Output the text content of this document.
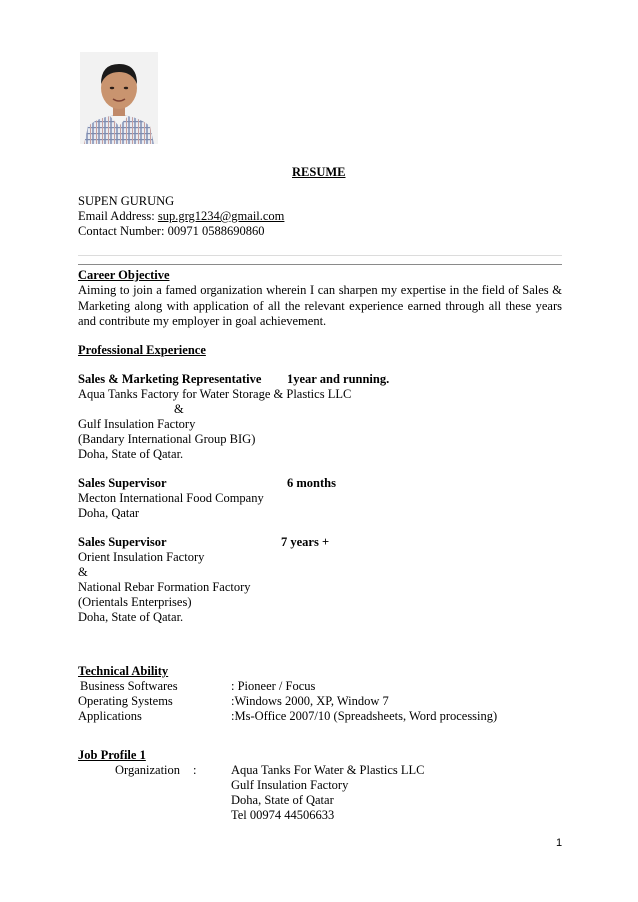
RESUME
SUPEN GURUNG
Email Address: sup.grg1234@gmail.com
Contact Number: 00971 0588690860
Career Objective
Aiming to join a famed organization wherein I can sharpen my expertise in the field of Sales & Marketing along with application of all the relevant experience earned through all these years and contribute my employer in goal achievement.
Professional Experience
Sales & Marketing Representative 1year and running.
Aqua Tanks Factory for Water Storage & Plastics LLC
&
Gulf Insulation Factory
(Bandary International Group BIG)
Doha, State of Qatar.
Sales Supervisor	6 months
Mecton International Food Company
Doha, Qatar
Sales Supervisor	7 years +
Orient Insulation Factory
&
National Rebar Formation Factory
(Orientals Enterprises)
Doha, State of Qatar.
Technical Ability
Business Softwares	: Pioneer / Focus
Operating Systems	:Windows 2000, XP, Window 7
Applications	:Ms-Office 2007/10 (Spreadsheets, Word processing)
Job Profile 1
Organization :	Aqua Tanks For Water & Plastics LLC
Gulf Insulation Factory
Doha, State of Qatar
Tel 00974 44506633
1
